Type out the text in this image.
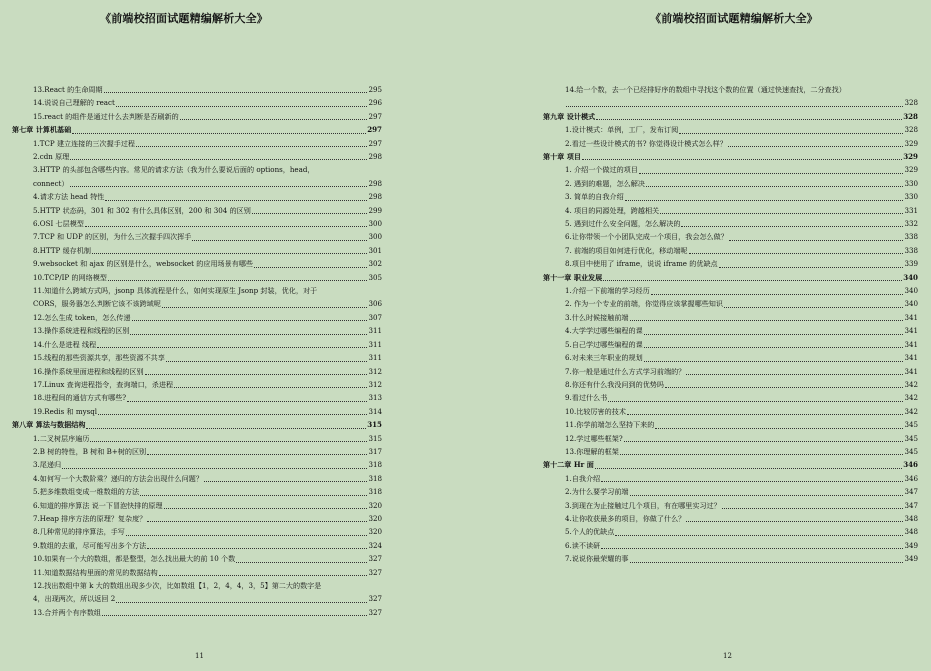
《前端校招面试题精编解析大全》
13.React 的生命周期	295
14.说说自己理解的 react	296
15.react 的组件是通过什么去判断是否刷新的	297
第七章 计算机基础	297
1.TCP 建立连接的三次握手过程	297
2.cdn 原理	298
3.HTTP 的头部包含哪些内容。常见的请求方法（我为什么要说后面的 options，head，
connect）	298
4.请求方法 head 特性	298
5.HTTP 状态码，301 和 302 有什么具体区别，200 和 304 的区别	299
6.OSI 七层模型	300
7.TCP 和 UDP 的区别，为什么三次握手四次挥手	300
8.HTTP 缓存机制	301
9.websocket 和 ajax 的区别是什么，websocket 的应用场景有哪些	302
10.TCP/IP 的网络模型	305
11.知道什么跨域方式吗，jsonp 具体流程是什么，如何实现原生 Jsonp 封装，优化，对于
CORS，服务器怎么判断它该不该跨域呢	306
12.怎么生成 token，怎么传递	307
13.操作系统进程和线程的区别	311
14.什么是进程 线程	311
15.线程的那些资源共享，那些资源不共享	311
16.操作系统里面进程和线程的区别	312
17.Linux 查询进程指令，查询端口，杀进程	312
18.进程间的通信方式有哪些?	313
19.Redis 和 mysql	314
第八章 算法与数据结构	315
1.二叉树层序遍历	315
2.B 树的特性，B 树和 B+树的区别	317
3.尾递归	318
4.如何写一个大数阶乘？递归的方法会出现什么问题？	318
5.把多维数组变成一维数组的方法	318
6.知道的排序算法 说一下冒泡快排的原理	320
7.Heap 排序方法的原理？复杂度？	320
8.几种常见的排序算法，手写	320
9.数组的去重，尽可能写出多个方法	324
10.如果有一个大的数组，都是整型，怎么找出最大的前 10 个数	327
11.知道数据结构里面的常见的数据结构	327
12.找出数组中第 k 大的数组出现多少次，比如数组【1，2，4，4，3，5】第二大的数字是
4，出现两次，所以返回 2	327
13.合并两个有序数组	327
11
《前端校招面试题精编解析大全》
14.给一个数，去一个已经排好序的数组中寻找这个数的位置（通过快速查找，二分查找）
328
第九章 设计模式	328
1.设计模式：单例，工厂，发布订阅	328
2.看过一些设计模式的书? 你觉得设计模式怎么样？	329
第十章 项目	329
1. 介绍一个做过的项目	329
2. 遇到的难题，怎么解决	330
3. 简单的自我介绍	330
4. 项目的同源处理，跨越相关	331
5. 遇到过什么安全问题，怎么解决的	332
6.让你带领一个小团队完成一个项目，我会怎么做？	338
7. 前端的项目如何进行优化，移动端呢	338
8.项目中使用了 iframe，说说 iframe 的优缺点	339
第十一章 职业发展	340
1.介绍一下前端的学习经历	340
2. 作为一个专业的前端，你觉得应该掌握哪些知识	340
3.什么时候接触前端	341
4.大学学过哪些编程的课	341
5.自己学过哪些编程的课	341
6.对未来三年职业的规划	341
7.你一般是通过什么方式学习前端的？	341
8.你还有什么我没问到的优势吗	342
9.看过什么书	342
10.比较厉害的技术	342
11.你学前端怎么坚持下来的	345
12.学过哪些框架?	345
13.你理解的框架	345
第十二章 Hr 面	346
1.自我介绍	346
2.为什么要学习前端	347
3.到现在为止接触过几个项目，有在哪里实习过？	347
4.让你收获最多的项目，你做了什么？	348
5.个人的优缺点	348
6.读不读研	349
7.说说你最荣耀的事	349
12
